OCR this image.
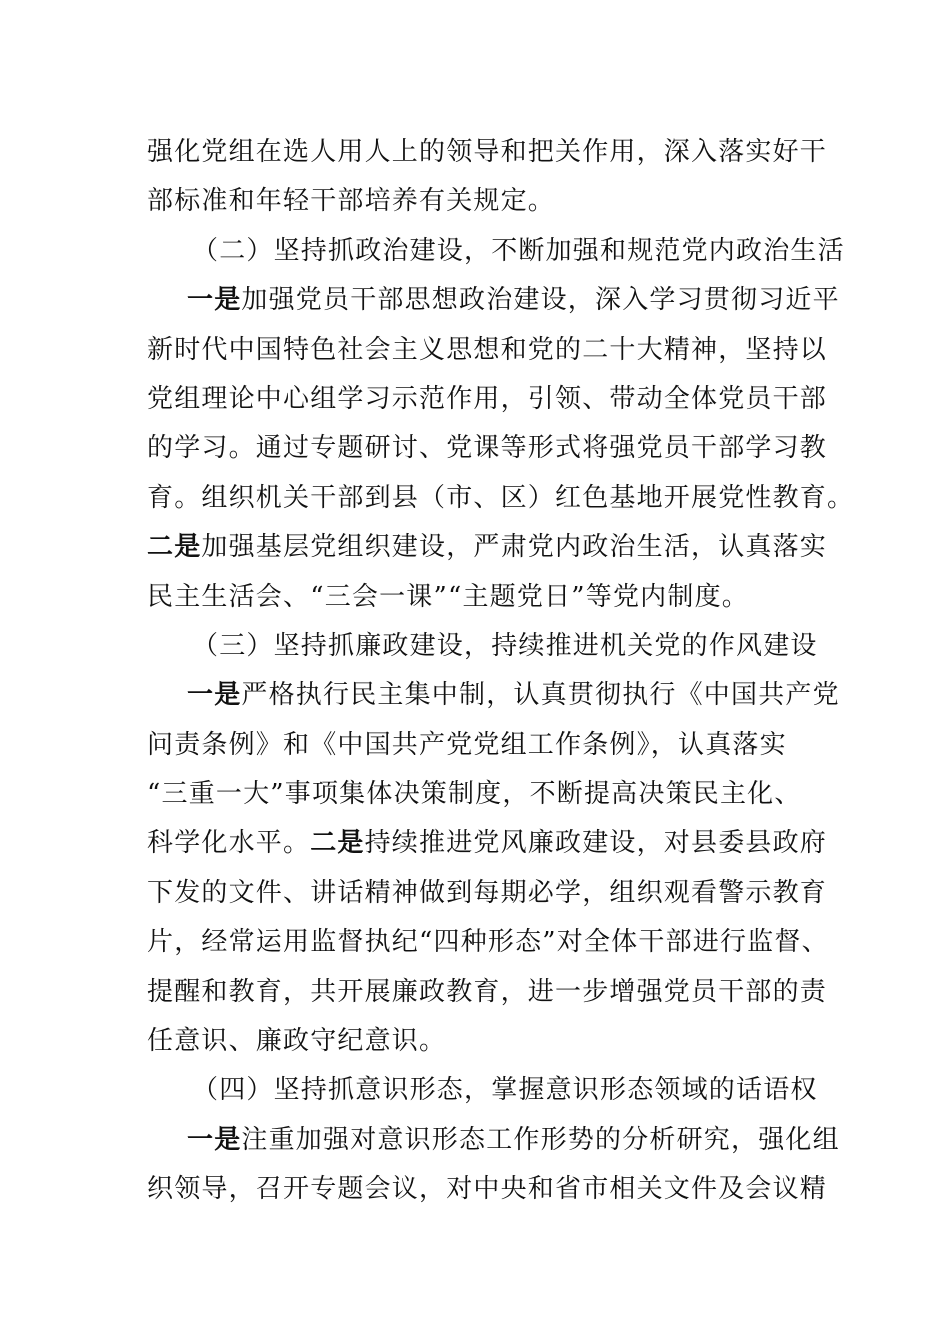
强化党组在选人用人上的领导和把关作用，深入落实好干
部标准和年轻干部培养有关规定。
（二）坚持抓政治建设，不断加强和规范党内政治生活
一是加强党员干部思想政治建设，深入学习贯彻习近平
新时代中国特色社会主义思想和党的二十大精神，坚持以
党组理论中心组学习示范作用，引领、带动全体党员干部
的学习。通过专题研讨、党课等形式将强党员干部学习教
育。组织机关干部到县（市、区）红色基地开展党性教育。
二是加强基层党组织建设，严肃党内政治生活，认真落实
民主生活会、“三会一课”“主题党日”等党内制度。
（三）坚持抓廉政建设，持续推进机关党的作风建设
一是严格执行民主集中制，认真贯彻执行《中国共产党
问责条例》和《中国共产党党组工作条例》，认真落实
“三重一大”事项集体决策制度，不断提高决策民主化、
科学化水平。二是持续推进党风廉政建设，对县委县政府
下发的文件、讲话精神做到每期必学，组织观看警示教育
片，经常运用监督执纪“四种形态”对全体干部进行监督、
提醒和教育，共开展廉政教育，进一步增强党员干部的责
任意识、廉政守纪意识。
（四）坚持抓意识形态，掌握意识形态领域的话语权
一是注重加强对意识形态工作形势的分析研究，强化组
织领导，召开专题会议，对中央和省市相关文件及会议精
